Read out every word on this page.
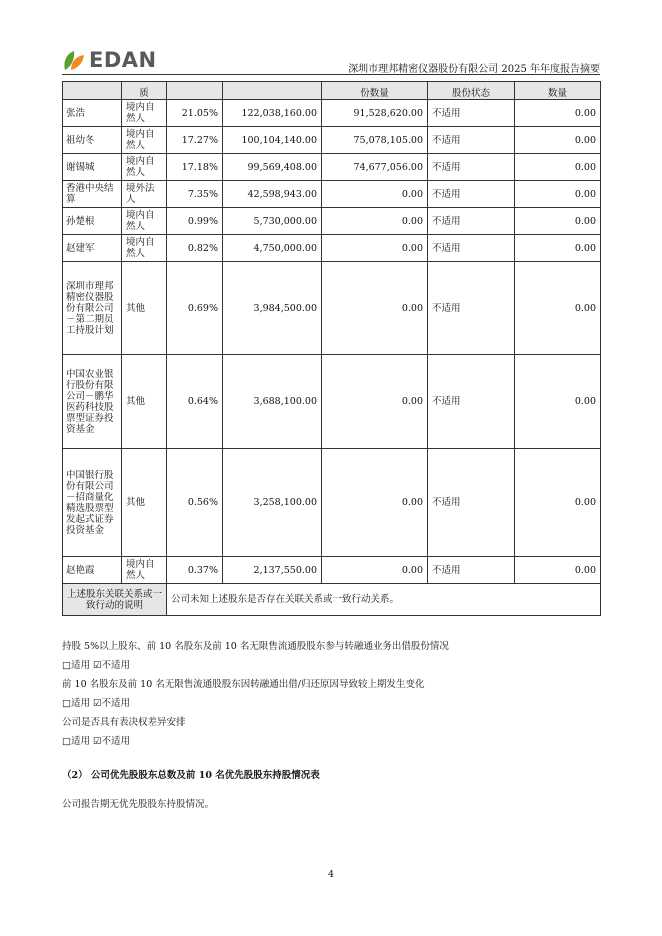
EDAN	深圳市理邦精密仪器股份有限公司 2025 年年度报告摘要
	质			份数量	股份状态	数量
张浩	境内自然人	21.05%	122,038,160.00	91,528,620.00	不适用	0.00
祖幼冬	境内自然人	17.27%	100,104,140.00	75,078,105.00	不适用	0.00
谢锡城	境内自然人	17.18%	99,569,408.00	74,677,056.00	不适用	0.00
香港中央结算	境外法人	7.35%	42,598,943.00	0.00	不适用	0.00
孙楚根	境内自然人	0.99%	5,730,000.00	0.00	不适用	0.00
赵建军	境内自然人	0.82%	4,750,000.00	0.00	不适用	0.00
深圳市理邦精密仪器股份有限公司－第二期员工持股计划	其他	0.69%	3,984,500.00	0.00	不适用	0.00
中国农业银行股份有限公司－鹏华医药科技股票型证券投资基金	其他	0.64%	3,688,100.00	0.00	不适用	0.00
中国银行股份有限公司－招商量化精选股票型发起式证券投资基金	其他	0.56%	3,258,100.00	0.00	不适用	0.00
赵艳霞	境内自然人	0.37%	2,137,550.00	0.00	不适用	0.00
上述股东关联关系或一致行动的说明		公司未知上述股东是否存在关联关系或一致行动关系。				
持股 5%以上股东、前 10 名股东及前 10 名无限售流通股股东参与转融通业务出借股份情况
□适用 ☑不适用
前 10 名股东及前 10 名无限售流通股股东因转融通出借/归还原因导致较上期发生变化
□适用 ☑不适用
公司是否具有表决权差异安排
□适用 ☑不适用
（2） 公司优先股股东总数及前 10 名优先股股东持股情况表
公司报告期无优先股股东持股情况。
4
